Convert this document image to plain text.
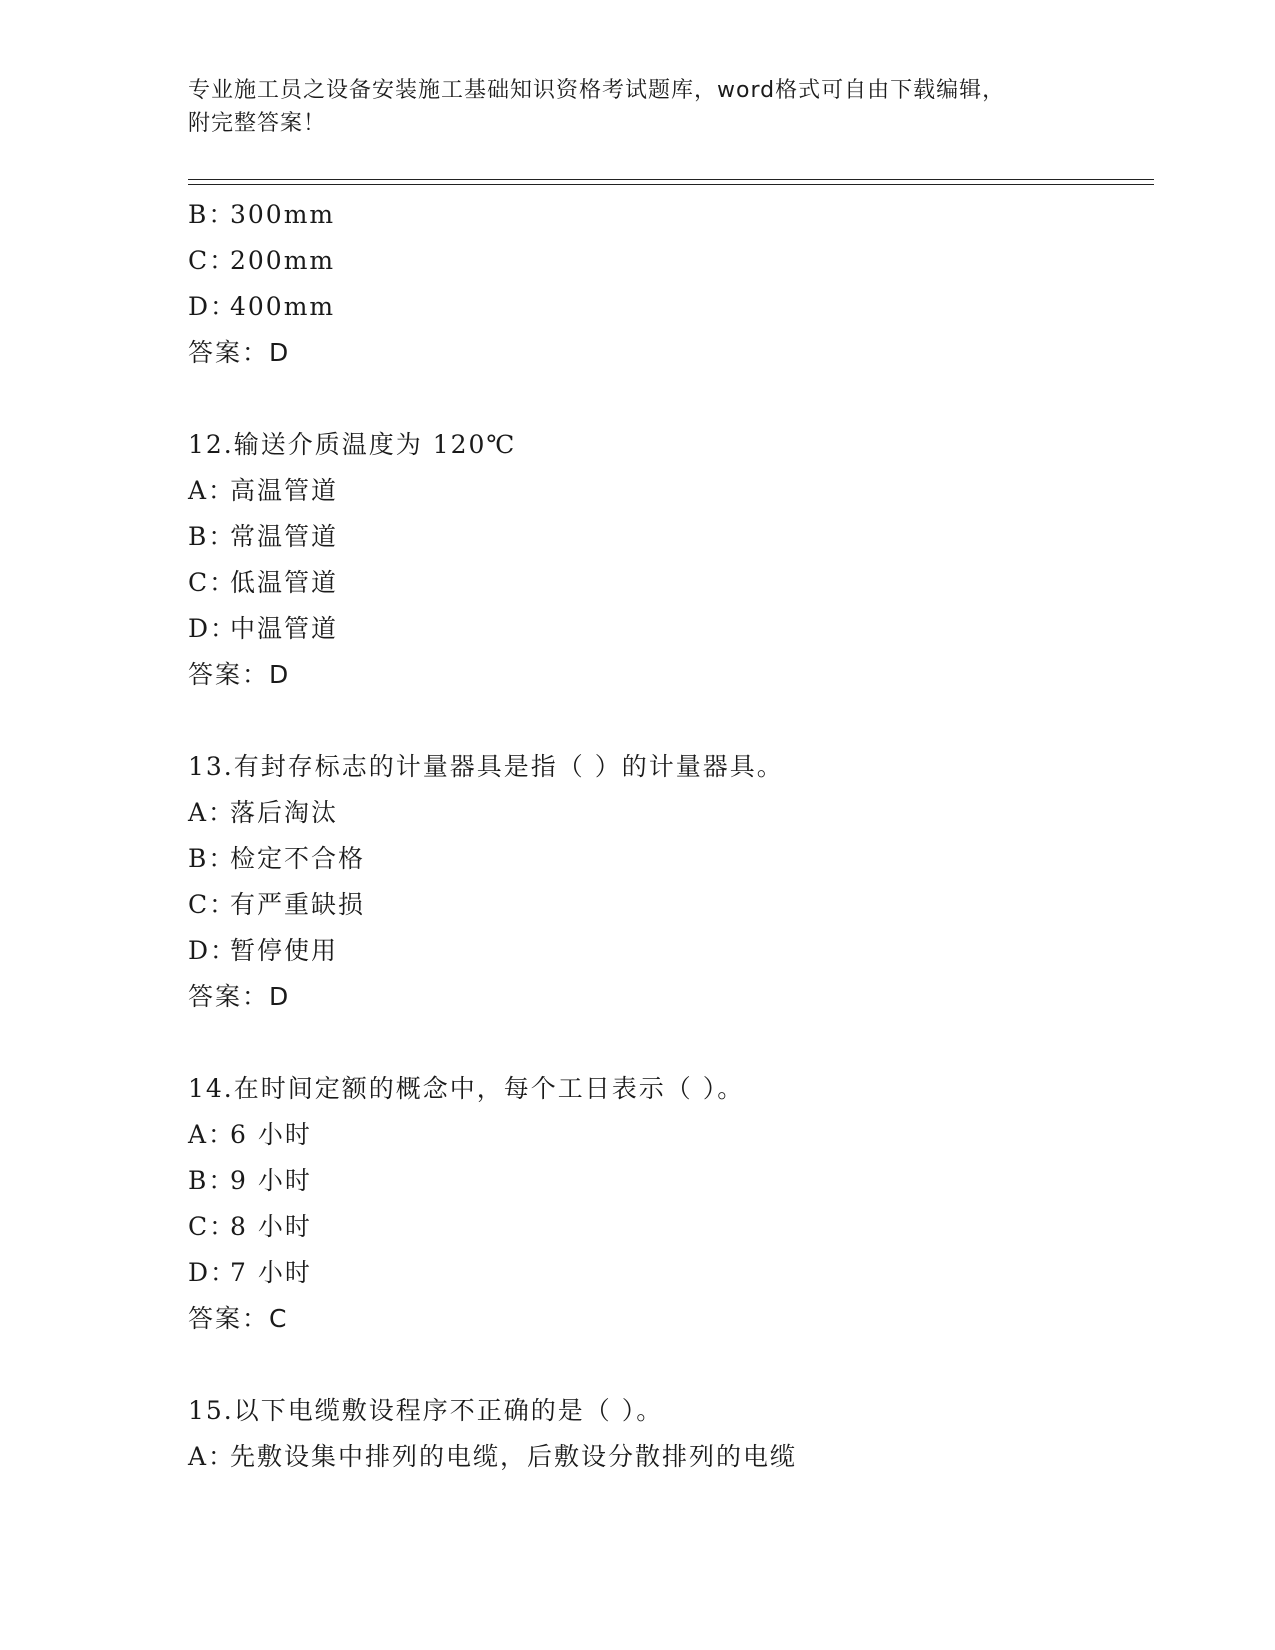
专业施工员之设备安装施工基础知识资格考试题库，word格式可自由下载编辑，
附完整答案！
B：300mm
C：200mm
D：400mm
答案：D
12.输送介质温度为 120℃
A：高温管道
B：常温管道
C：低温管道
D：中温管道
答案：D
13.有封存标志的计量器具是指（ ）的计量器具。
A：落后淘汰
B：检定不合格
C：有严重缺损
D：暂停使用
答案：D
14.在时间定额的概念中，每个工日表示（ ）。
A：6 小时
B：9 小时
C：8 小时
D：7 小时
答案：C
15.以下电缆敷设程序不正确的是（ ）。
A：先敷设集中排列的电缆，后敷设分散排列的电缆
